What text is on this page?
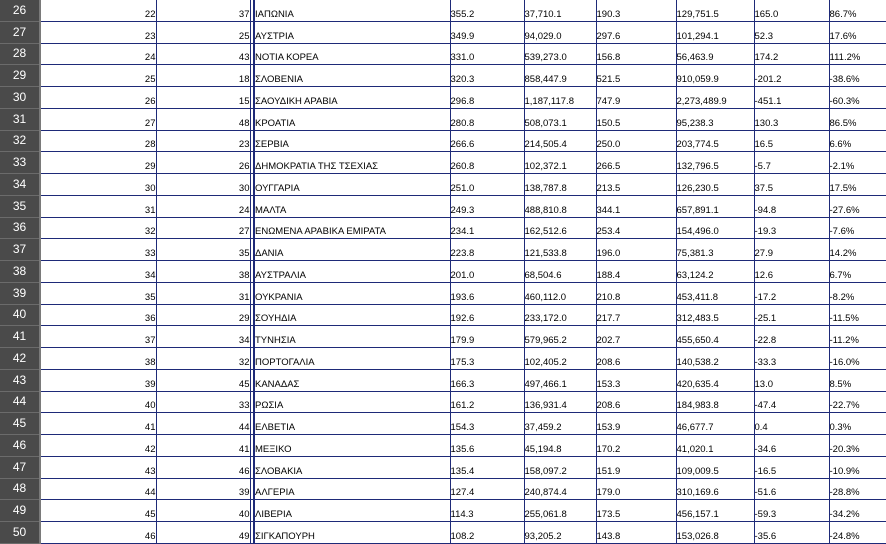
26	22	37		ΙΑΠΩΝΙΑ	355.2	37,710.1	190.3	129,751.5	165.0	86.7%
27	23	25		ΑΥΣΤΡΙΑ	349.9	94,029.0	297.6	101,294.1	52.3	17.6%
28	24	43		ΝΟΤΙΑ ΚΟΡΕΑ	331.0	539,273.0	156.8	56,463.9	174.2	111.2%
29	25	18		ΣΛΟΒΕΝΙΑ	320.3	858,447.9	521.5	910,059.9	-201.2	-38.6%
30	26	15		ΣΑΟΥΔΙΚΗ ΑΡΑΒΙΑ	296.8	1,187,117.8	747.9	2,273,489.9	-451.1	-60.3%
31	27	48		ΚΡΟΑΤΙΑ	280.8	508,073.1	150.5	95,238.3	130.3	86.5%
32	28	23		ΣΕΡΒΙΑ	266.6	214,505.4	250.0	203,774.5	16.5	6.6%
33	29	26		ΔΗΜΟΚΡΑΤΙΑ ΤΗΣ ΤΣΕΧΙΑΣ	260.8	102,372.1	266.5	132,796.5	-5.7	-2.1%
34	30	30		ΟΥΓΓΑΡΙΑ	251.0	138,787.8	213.5	126,230.5	37.5	17.5%
35	31	24		ΜΑΛΤΑ	249.3	488,810.8	344.1	657,891.1	-94.8	-27.6%
36	32	27		ΕΝΩΜΕΝΑ ΑΡΑΒΙΚΑ ΕΜΙΡΑΤΑ	234.1	162,512.6	253.4	154,496.0	-19.3	-7.6%
37	33	35		ΔΑΝΙΑ	223.8	121,533.8	196.0	75,381.3	27.9	14.2%
38	34	38		ΑΥΣΤΡΑΛΙΑ	201.0	68,504.6	188.4	63,124.2	12.6	6.7%
39	35	31		ΟΥΚΡΑΝΙΑ	193.6	460,112.0	210.8	453,411.8	-17.2	-8.2%
40	36	29		ΣΟΥΗΔΙΑ	192.6	233,172.0	217.7	312,483.5	-25.1	-11.5%
41	37	34		ΤΥΝΗΣΙΑ	179.9	579,965.2	202.7	455,650.4	-22.8	-11.2%
42	38	32		ΠΟΡΤΟΓΑΛΙΑ	175.3	102,405.2	208.6	140,538.2	-33.3	-16.0%
43	39	45		ΚΑΝΑΔΑΣ	166.3	497,466.1	153.3	420,635.4	13.0	8.5%
44	40	33		ΡΩΣΙΑ	161.2	136,931.4	208.6	184,983.8	-47.4	-22.7%
45	41	44		ΕΛΒΕΤΙΑ	154.3	37,459.2	153.9	46,677.7	0.4	0.3%
46	42	41		ΜΕΞΙΚΟ	135.6	45,194.8	170.2	41,020.1	-34.6	-20.3%
47	43	46		ΣΛΟΒΑΚΙΑ	135.4	158,097.2	151.9	109,009.5	-16.5	-10.9%
48	44	39		ΑΛΓΕΡΙΑ	127.4	240,874.4	179.0	310,169.6	-51.6	-28.8%
49	45	40		ΛΙΒΕΡΙΑ	114.3	255,061.8	173.5	456,157.1	-59.3	-34.2%
50	46	49		ΣΙΓΚΑΠΟΥΡΗ	108.2	93,205.2	143.8	153,026.8	-35.6	-24.8%
